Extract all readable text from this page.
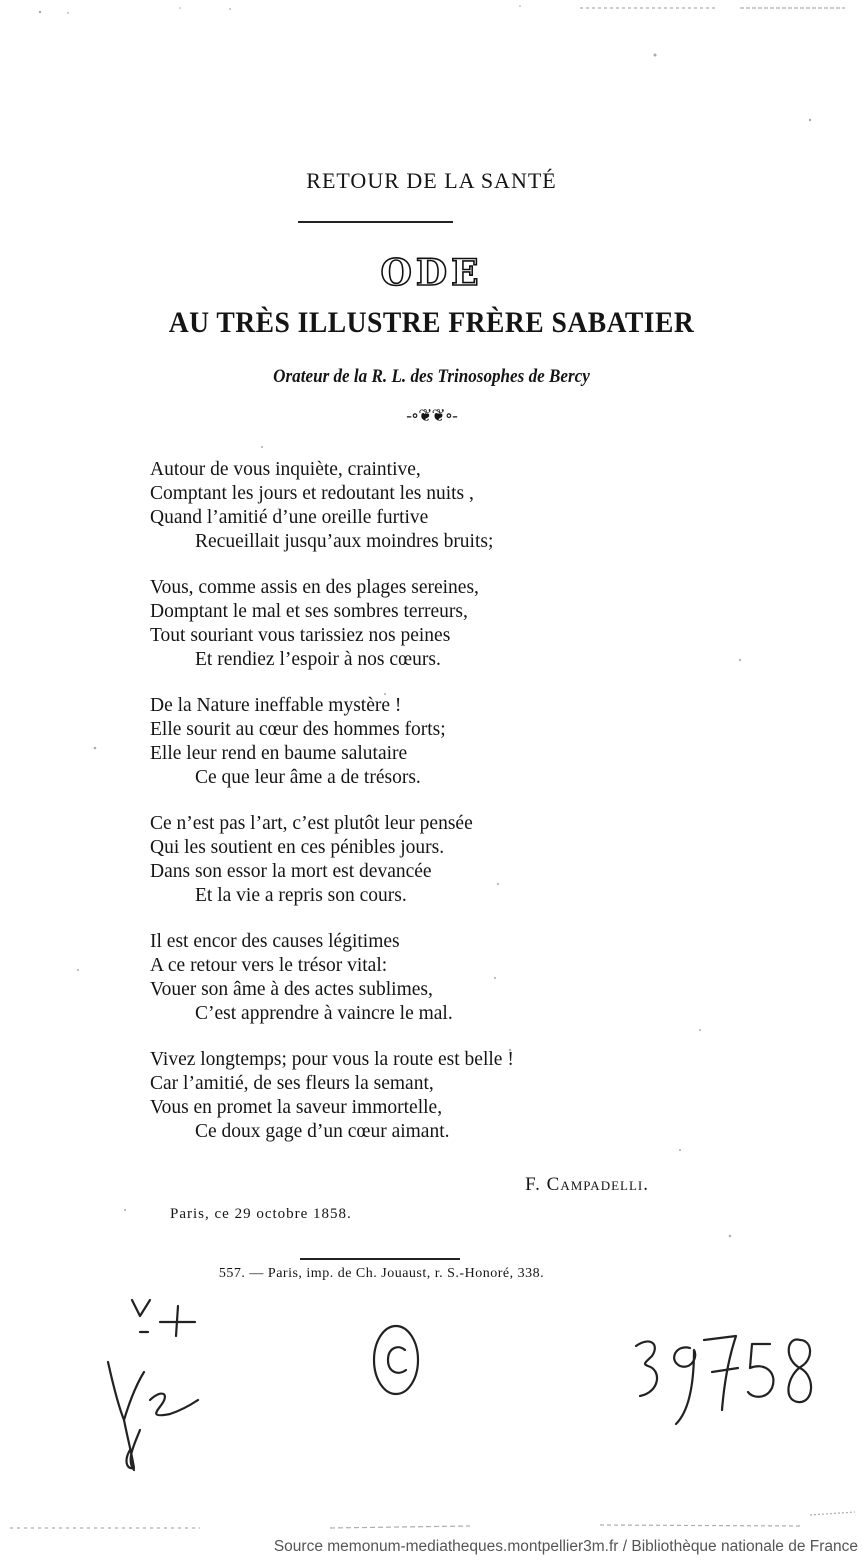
RETOUR DE LA SANTÉ
ODE
AU TRÈS ILLUSTRE FRÈRE SABATIER
Orateur de la R. L. des Trinosophes de Bercy
-∘❦❦∘-
Autour de vous inquiète, craintive,
Comptant les jours et redoutant les nuits ,
Quand l’amitié d’une oreille furtive
Recueillait jusqu’aux moindres bruits;
Vous, comme assis en des plages sereines,
Domptant le mal et ses sombres terreurs,
Tout souriant vous tarissiez nos peines
Et rendiez l’espoir à nos cœurs.
De la Nature ineffable mystère !
Elle sourit au cœur des hommes forts;
Elle leur rend en baume salutaire
Ce que leur âme a de trésors.
Ce n’est pas l’art, c’est plutôt leur pensée
Qui les soutient en ces pénibles jours.
Dans son essor la mort est devancée
Et la vie a repris son cours.
Il est encor des causes légitimes
A ce retour vers le trésor vital:
Vouer son âme à des actes sublimes,
C’est apprendre à vaincre le mal.
Vivez longtemps; pour vous la route est belle !
Car l’amitié, de ses fleurs la semant,
Vous en promet la saveur immortelle,
Ce doux gage d’un cœur aimant.
F. Campadelli.
Paris, ce 29 octobre 1858.
557. — Paris, imp. de Ch. Jouaust, r. S.-Honoré, 338.
Source memonum-mediatheques.montpellier3m.fr / Bibliothèque nationale de France
